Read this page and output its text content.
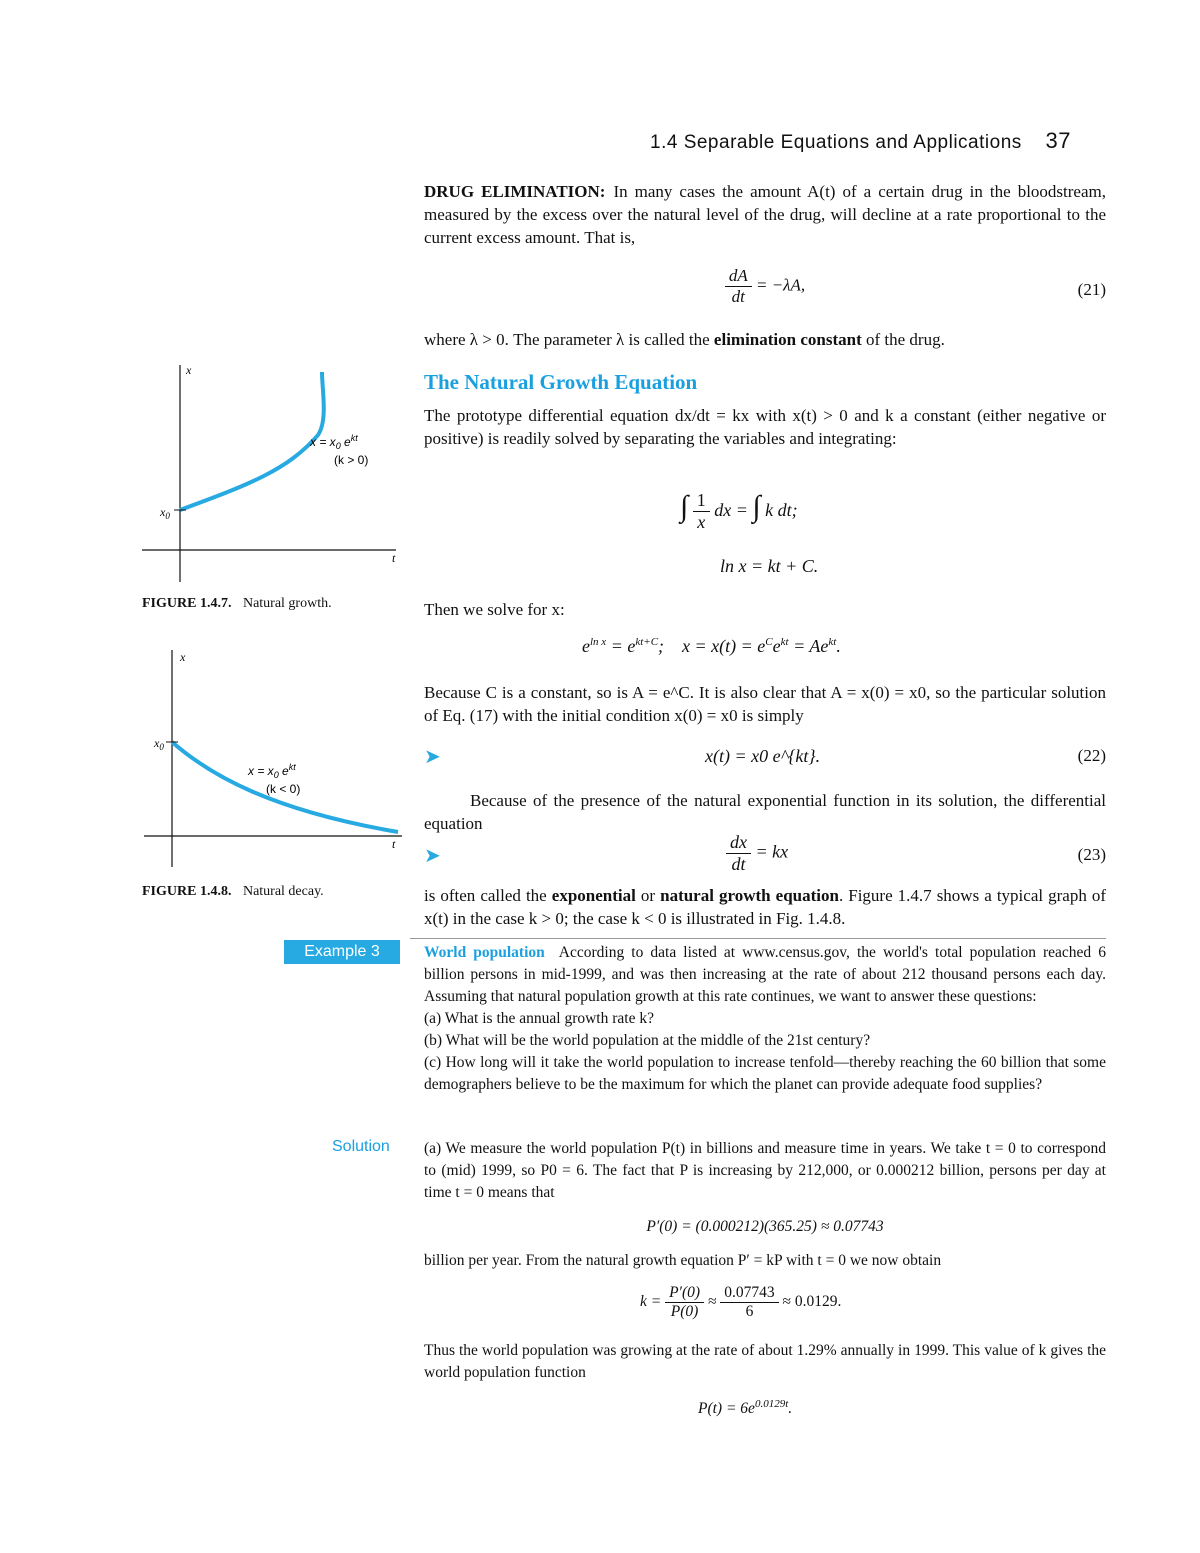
1.4 Separable Equations and Applications 37

DRUG ELIMINATION: In many cases the amount A(t) of a certain drug in the bloodstream, measured by the excess over the natural level of the drug, will decline at a rate proportional to the current excess amount. That is,

$\frac{dA}{dt} = -\lambda A$,	(21)

where λ > 0. The parameter λ is called the elimination constant of the drug.

The Natural Growth Equation

The prototype differential equation dx/dt = kx with x(t) > 0 and k a constant (either negative or positive) is readily solved by separating the variables and integrating:

∫ $\frac{1}{x}$ dx = ∫ k dt;
ln x = kt + C.

Then we solve for x:

$e^{ln x} = e^{kt+C}$;    $x = x(t) = e^Ce^{kt} = Ae^{kt}$.

Because C is a constant, so is A = e^C. It is also clear that A = x(0) = x0, so the particular solution of Eq. (17) with the initial condition x(0) = x0 is simply

➤	x(t) = x0 e^{kt}.	(22)

Because of the presence of the natural exponential function in its solution, the differential equation

➤	$\frac{dx}{dt}$ = kx	(23)

is often called the exponential or natural growth equation. Figure 1.4.7 shows a typical graph of x(t) in the case k > 0; the case k < 0 is illustrated in Fig. 1.4.8.

x
t
$x_0$
$x = x_0$ $e^{kt}$
(k > 0)
FIGURE 1.4.7. Natural growth.
x
t
$x_0$
$x = x_0$ $e^{kt}$
(k < 0)
FIGURE 1.4.8. Natural decay.
Example 3	World population According to data listed at www.census.gov, the world's total population reached 6 billion persons in mid-1999, and was then increasing at the rate of about 212 thousand persons each day. Assuming that natural population growth at this rate continues, we want to answer these questions:

(a) What is the annual growth rate k?

(b) What will be the world population at the middle of the 21st century?

(c) How long will it take the world population to increase tenfold—thereby reaching the 60 billion that some demographers believe to be the maximum for which the planet can provide adequate food supplies?

Solution (a) We measure the world population P(t) in billions and measure time in years. We take t = 0 to correspond to (mid) 1999, so P0 = 6. The fact that P is increasing by 212,000, or 0.000212 billion, persons per day at time t = 0 means that

P′(0) = (0.000212)(365.25) ≈ 0.07743

billion per year. From the natural growth equation P′ = kP with t = 0 we now obtain

$k = \frac{P'(0)}{P(0)} \approx \frac{0.07743}{6} \approx 0.0129$.

Thus the world population was growing at the rate of about 1.29% annually in 1999. This value of k gives the world population function

$P(t) = 6e^{0.0129t}$.
